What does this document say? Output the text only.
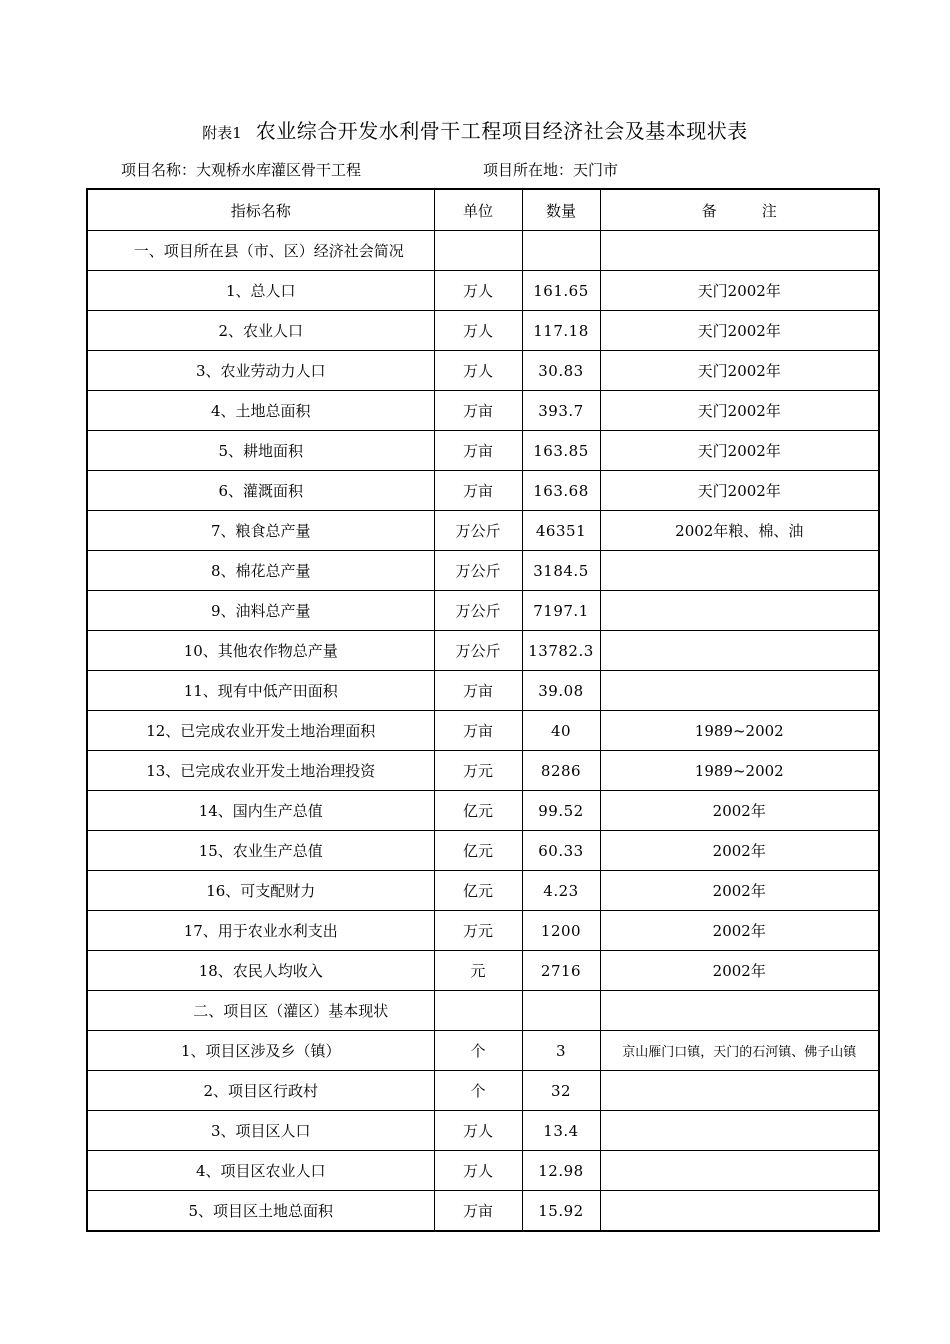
附表1 农业综合开发水利骨干工程项目经济社会及基本现状表
项目名称：大观桥水库灌区骨干工程	项目所在地：天门市
指标名称	单位	数量	备　　　注
一、项目所在县（市、区）经济社会简况			
1、总人口	万人	161.65	天门2002年
2、农业人口	万人	117.18	天门2002年
3、农业劳动力人口	万人	30.83	天门2002年
4、土地总面积	万亩	393.7	天门2002年
5、耕地面积	万亩	163.85	天门2002年
6、灌溉面积	万亩	163.68	天门2002年
7、粮食总产量	万公斤	46351	2002年粮、棉、油
8、棉花总产量	万公斤	3184.5	
9、油料总产量	万公斤	7197.1	
10、其他农作物总产量	万公斤	13782.3	
11、现有中低产田面积	万亩	39.08	
12、已完成农业开发土地治理面积	万亩	40	1989~2002
13、已完成农业开发土地治理投资	万元	8286	1989~2002
14、国内生产总值	亿元	99.52	2002年
15、农业生产总值	亿元	60.33	2002年
16、可支配财力	亿元	4.23	2002年
17、用于农业水利支出	万元	1200	2002年
18、农民人均收入	元	2716	2002年
二、项目区（灌区）基本现状			
1、项目区涉及乡（镇）	个	3	京山雁门口镇，天门的石河镇、佛子山镇
2、项目区行政村	个	32	
3、项目区人口	万人	13.4	
4、项目区农业人口	万人	12.98	
5、项目区土地总面积	万亩	15.92	
